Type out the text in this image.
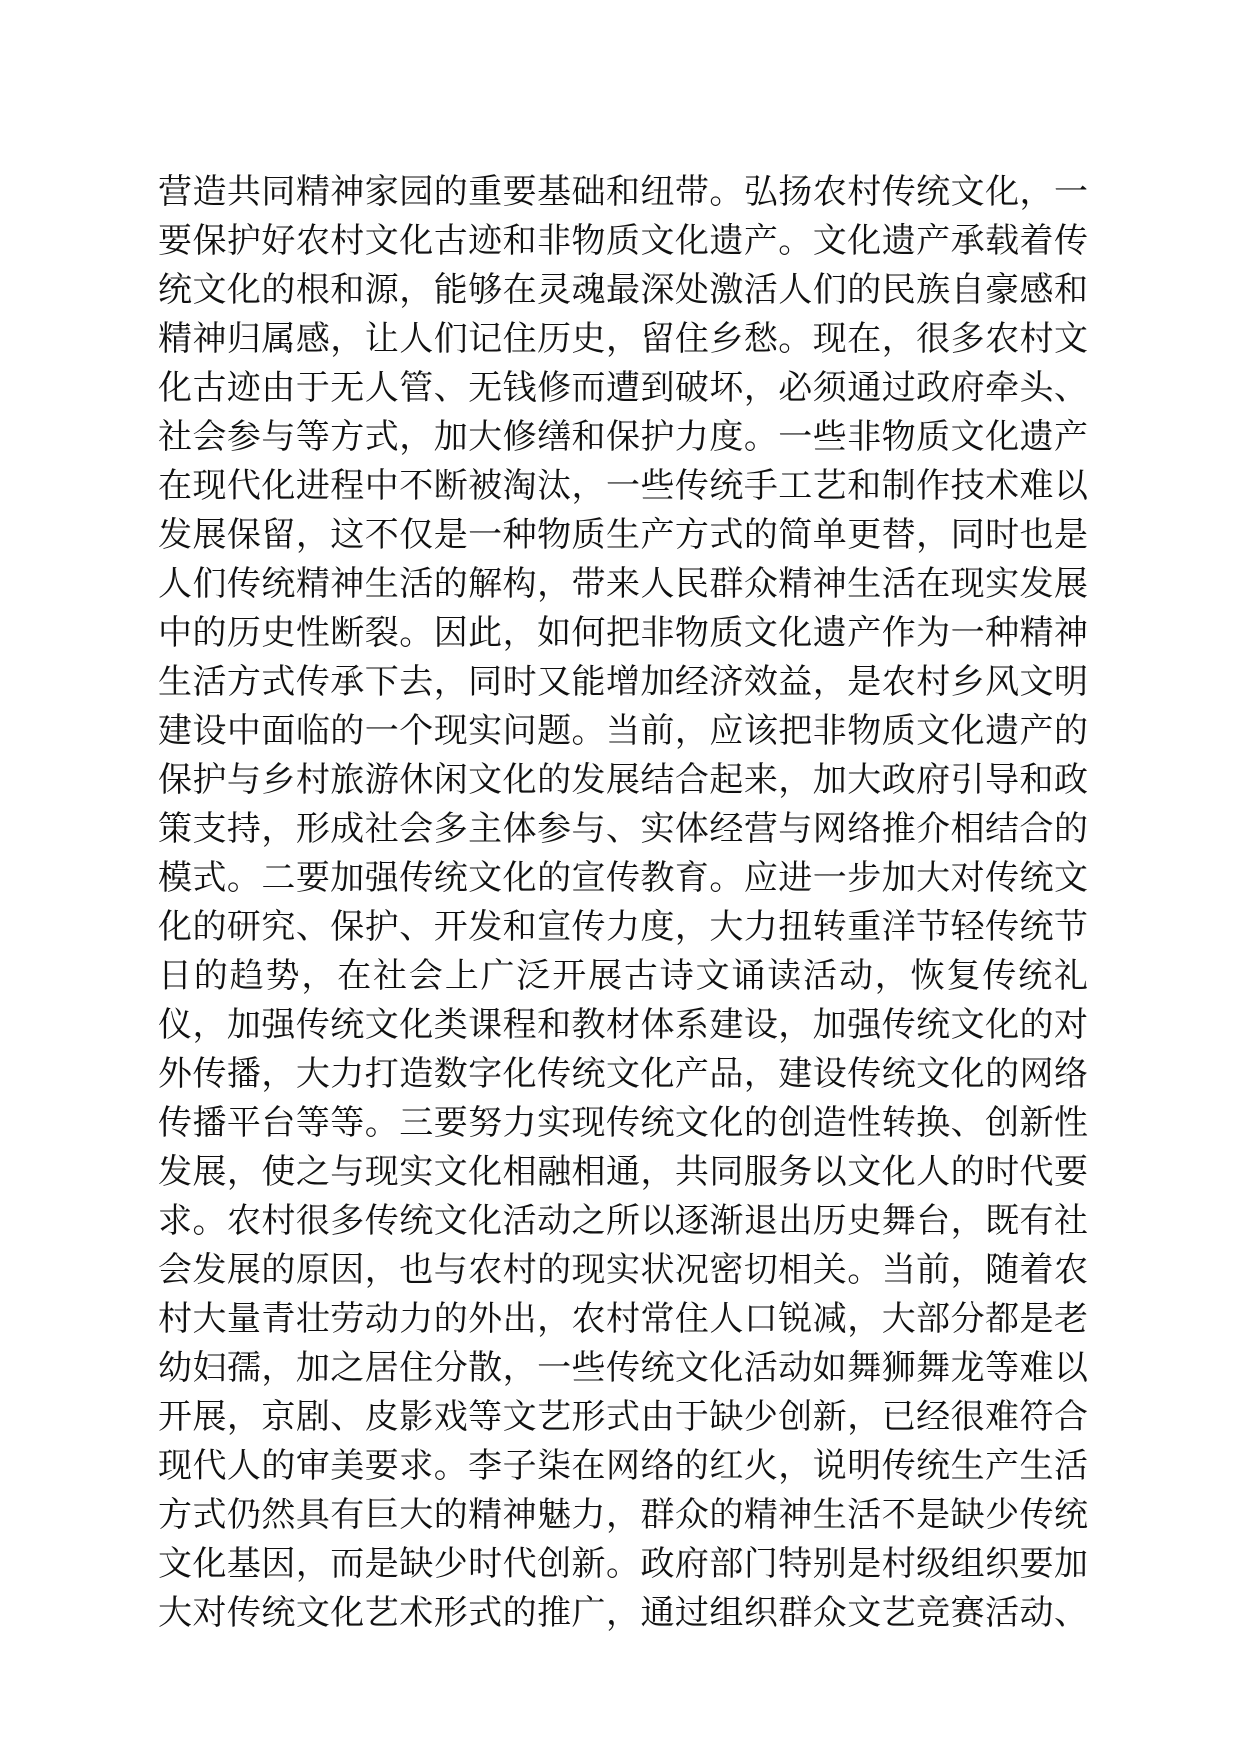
营造共同精神家园的重要基础和纽带。弘扬农村传统文化，一
要保护好农村文化古迹和非物质文化遗产。文化遗产承载着传
统文化的根和源，能够在灵魂最深处激活人们的民族自豪感和
精神归属感，让人们记住历史，留住乡愁。现在，很多农村文
化古迹由于无人管、无钱修而遭到破坏，必须通过政府牵头、
社会参与等方式，加大修缮和保护力度。一些非物质文化遗产
在现代化进程中不断被淘汰，一些传统手工艺和制作技术难以
发展保留，这不仅是一种物质生产方式的简单更替，同时也是
人们传统精神生活的解构，带来人民群众精神生活在现实发展
中的历史性断裂。因此，如何把非物质文化遗产作为一种精神
生活方式传承下去，同时又能增加经济效益，是农村乡风文明
建设中面临的一个现实问题。当前，应该把非物质文化遗产的
保护与乡村旅游休闲文化的发展结合起来，加大政府引导和政
策支持，形成社会多主体参与、实体经营与网络推介相结合的
模式。二要加强传统文化的宣传教育。应进一步加大对传统文
化的研究、保护、开发和宣传力度，大力扭转重洋节轻传统节
日的趋势，在社会上广泛开展古诗文诵读活动，恢复传统礼
仪，加强传统文化类课程和教材体系建设，加强传统文化的对
外传播，大力打造数字化传统文化产品，建设传统文化的网络
传播平台等等。三要努力实现传统文化的创造性转换、创新性
发展，使之与现实文化相融相通，共同服务以文化人的时代要
求。农村很多传统文化活动之所以逐渐退出历史舞台，既有社
会发展的原因，也与农村的现实状况密切相关。当前，随着农
村大量青壮劳动力的外出，农村常住人口锐减，大部分都是老
幼妇孺，加之居住分散，一些传统文化活动如舞狮舞龙等难以
开展，京剧、皮影戏等文艺形式由于缺少创新，已经很难符合
现代人的审美要求。李子柒在网络的红火，说明传统生产生活
方式仍然具有巨大的精神魅力，群众的精神生活不是缺少传统
文化基因，而是缺少时代创新。政府部门特别是村级组织要加
大对传统文化艺术形式的推广，通过组织群众文艺竞赛活动、
